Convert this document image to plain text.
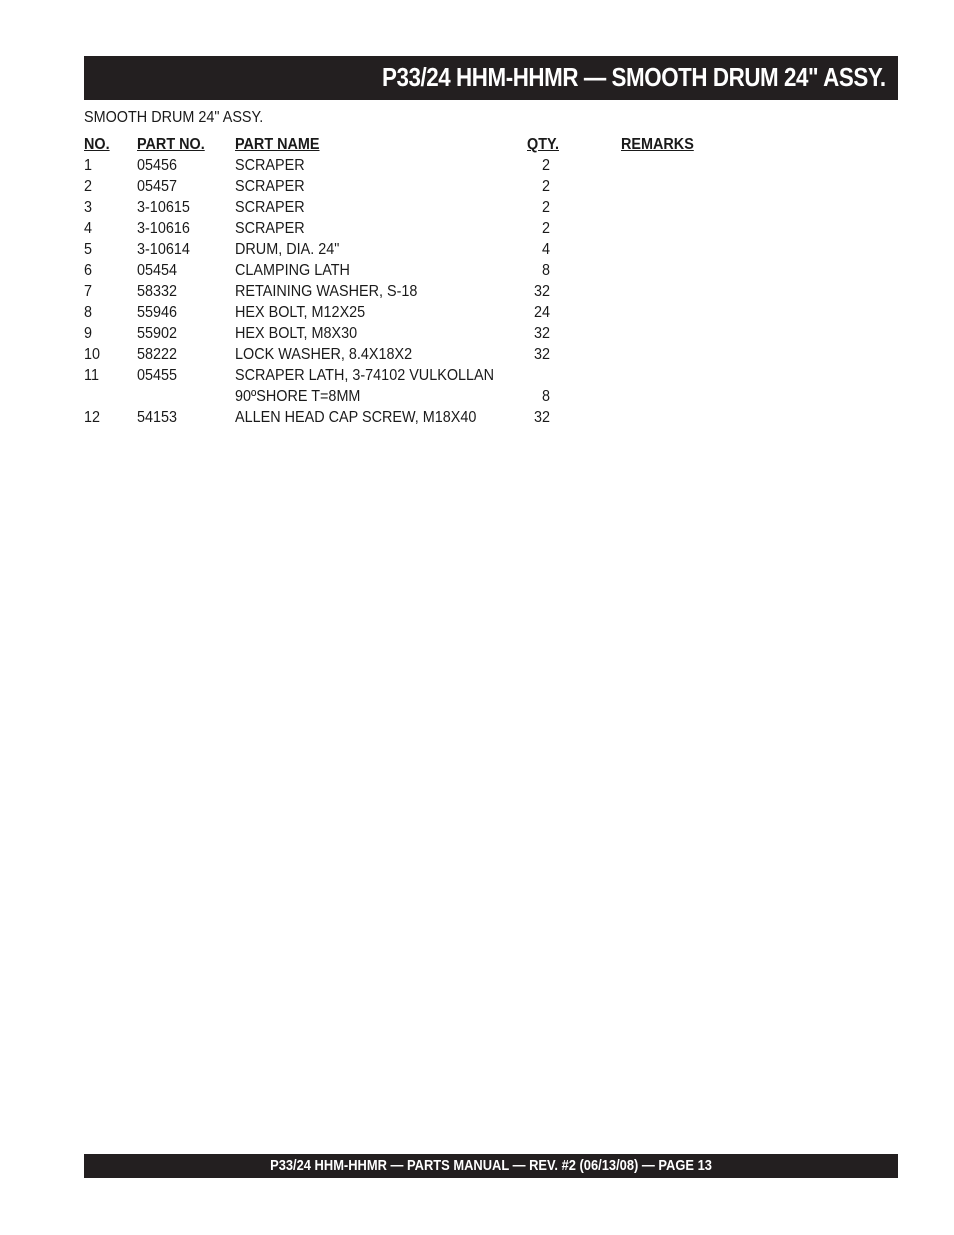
P33/24 HHM-HHMR — SMOOTH DRUM 24" ASSY.
SMOOTH DRUM 24" ASSY.
NO. PART NO. PART NAME	QTY.	REMARKS
1	05456	SCRAPER	2
2	05457	SCRAPER	2
3	3-10615	SCRAPER	2
4	3-10616	SCRAPER	2
5	3-10614	DRUM, DIA. 24"	4
6	05454	CLAMPING LATH	8
7	58332	RETAINING WASHER, S-18	32
8	55946	HEX BOLT, M12X25	24
9	55902	HEX BOLT, M8X30	32
10 58222	LOCK WASHER, 8.4X18X2	32
11 05455	SCRAPER LATH, 3-74102 VULKOLLAN
90ºSHORE T=8MM	8
12 54153	ALLEN HEAD CAP SCREW, M18X40	32
P33/24 HHM-HHMR — PARTS MANUAL — REV. #2 (06/13/08) — PAGE 13
